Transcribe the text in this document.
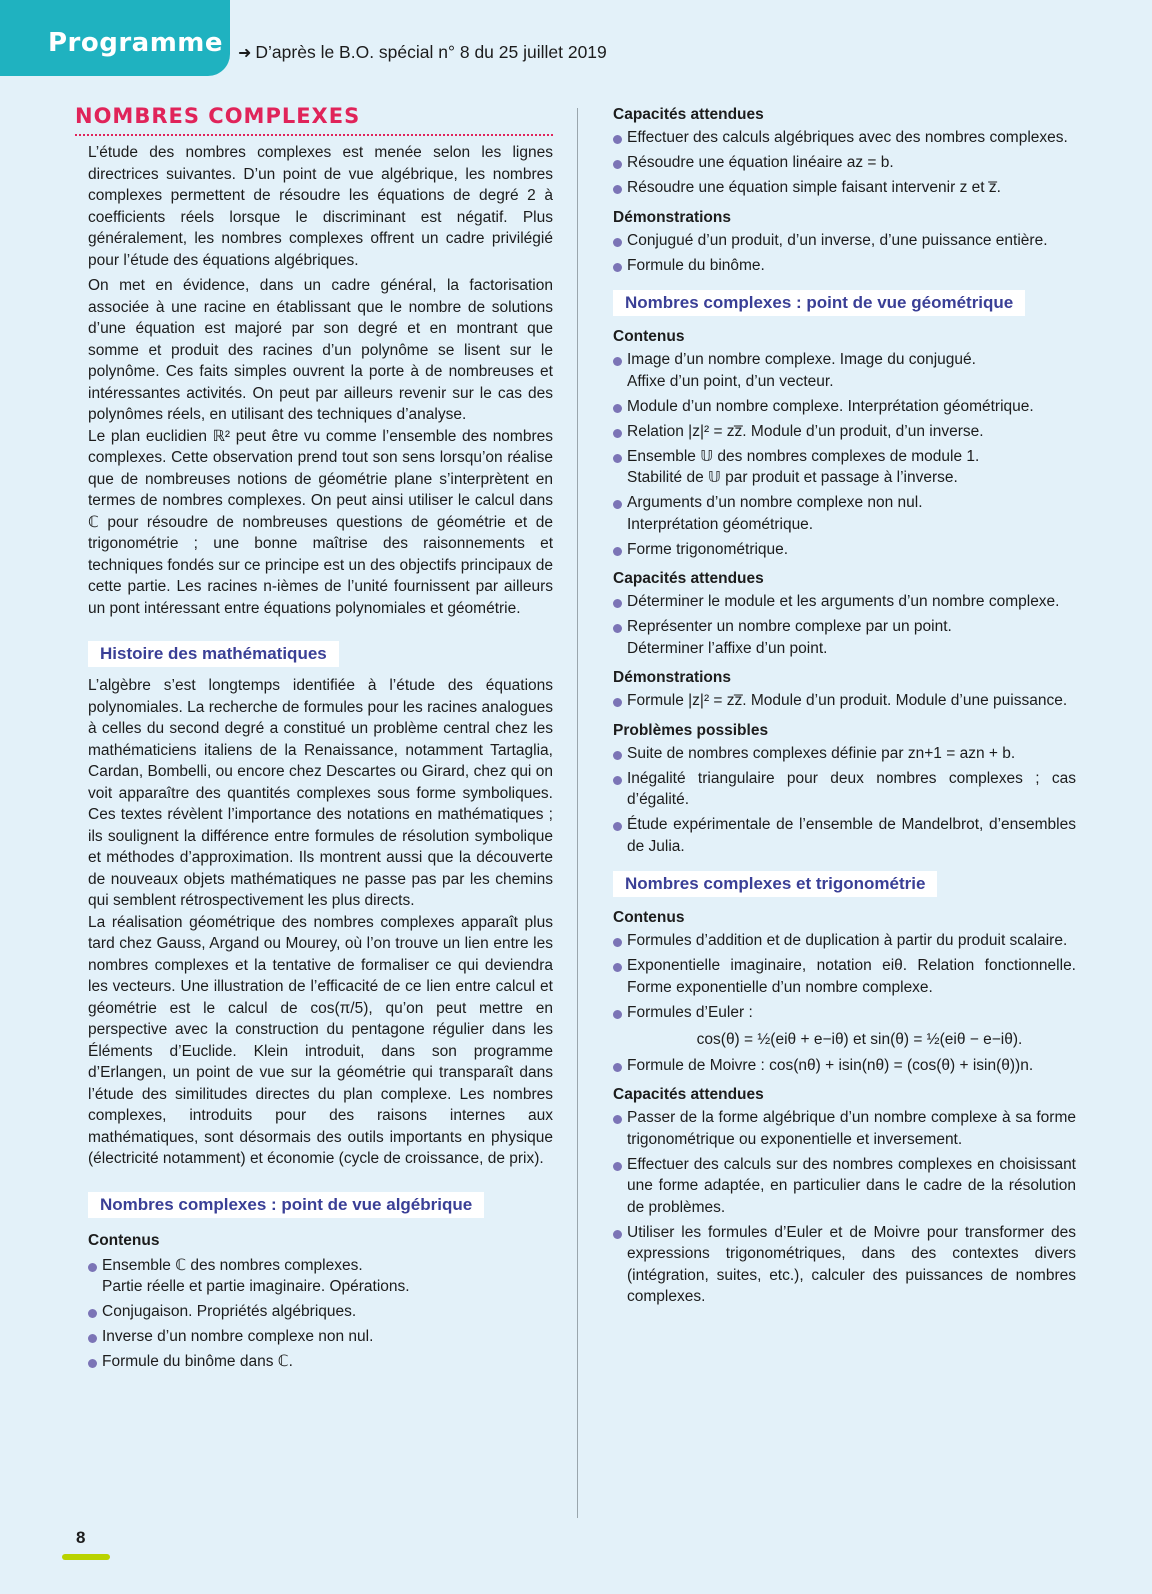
Programme ➜ D’après le B.O. spécial n° 8 du 25 juillet 2019
NOMBRES COMPLEXES

L’étude des nombres complexes est menée selon les lignes directrices suivantes. D’un point de vue algébrique, les nombres complexes permettent de résoudre les équations de degré 2 à coefficients réels lorsque le discriminant est négatif. Plus généralement, les nombres complexes offrent un cadre privilégié pour l’étude des équations algébriques.

On met en évidence, dans un cadre général, la factorisation associée à une racine en établissant que le nombre de solutions d’une équation est majoré par son degré et en montrant que somme et produit des racines d’un polynôme se lisent sur le polynôme. Ces faits simples ouvrent la porte à de nombreuses et intéressantes activités. On peut par ailleurs revenir sur le cas des polynômes réels, en utilisant des techniques d’analyse.

Le plan euclidien ℝ² peut être vu comme l’ensemble des nombres complexes. Cette observation prend tout son sens lorsqu’on réalise que de nombreuses notions de géométrie plane s’interprètent en termes de nombres complexes. On peut ainsi utiliser le calcul dans ℂ pour résoudre de nombreuses questions de géométrie et de trigonométrie ; une bonne maîtrise des raisonnements et techniques fondés sur ce principe est un des objectifs principaux de cette partie. Les racines n-ièmes de l’unité fournissent par ailleurs un pont intéressant entre équations polynomiales et géométrie.

Histoire des mathématiques

L’algèbre s’est longtemps identifiée à l’étude des équations polynomiales. La recherche de formules pour les racines analogues à celles du second degré a constitué un problème central chez les mathématiciens italiens de la Renaissance, notamment Tartaglia, Cardan, Bombelli, ou encore chez Descartes ou Girard, chez qui on voit apparaître des quantités complexes sous forme symboliques. Ces textes révèlent l’importance des notations en mathématiques ; ils soulignent la différence entre formules de résolution symbolique et méthodes d’approximation. Ils montrent aussi que la découverte de nouveaux objets mathématiques ne passe pas par les chemins qui semblent rétrospectivement les plus directs.

La réalisation géométrique des nombres complexes apparaît plus tard chez Gauss, Argand ou Mourey, où l’on trouve un lien entre les nombres complexes et la tentative de formaliser ce qui deviendra les vecteurs. Une illustration de l’efficacité de ce lien entre calcul et géométrie est le calcul de cos(π/5), qu’on peut mettre en perspective avec la construction du pentagone régulier dans les Éléments d’Euclide. Klein introduit, dans son programme d’Erlangen, un point de vue sur la géométrie qui transparaît dans l’étude des similitudes directes du plan complexe. Les nombres complexes, introduits pour des raisons internes aux mathématiques, sont désormais des outils importants en physique (électricité notamment) et économie (cycle de croissance, de prix).

Nombres complexes : point de vue algébrique

Contenus

Ensemble ℂ des nombres complexes.
Partie réelle et partie imaginaire. Opérations.
Conjugaison. Propriétés algébriques.
Inverse d’un nombre complexe non nul.
Formule du binôme dans ℂ.

Capacités attendues

Effectuer des calculs algébriques avec des nombres complexes.
Résoudre une équation linéaire az = b.
Résoudre une équation simple faisant intervenir z et z̅.

Démonstrations

Conjugué d’un produit, d’un inverse, d’une puissance entière.
Formule du binôme.
Nombres complexes : point de vue géométrique

Contenus

Image d’un nombre complexe. Image du conjugué.
Affixe d’un point, d’un vecteur.
Module d’un nombre complexe. Interprétation géométrique.
Relation |z|² = zz̅. Module d’un produit, d’un inverse.
Ensemble 𝕌 des nombres complexes de module 1.
Stabilité de 𝕌 par produit et passage à l’inverse.
Arguments d’un nombre complexe non nul.
Interprétation géométrique.
Forme trigonométrique.

Capacités attendues

Déterminer le module et les arguments d’un nombre complexe.
Représenter un nombre complexe par un point.
Déterminer l’affixe d’un point.

Démonstrations

Formule |z|² = zz̅. Module d’un produit. Module d’une puissance.

Problèmes possibles

Suite de nombres complexes définie par zn+1 = azn + b.
Inégalité triangulaire pour deux nombres complexes ; cas d’égalité.
Étude expérimentale de l’ensemble de Mandelbrot, d’ensembles de Julia.
Nombres complexes et trigonométrie

Contenus

Formules d’addition et de duplication à partir du produit scalaire.
Exponentielle imaginaire, notation eiθ. Relation fonctionnelle. Forme exponentielle d’un nombre complexe.
Formules d’Euler :
cos(θ) = ½(eiθ + e−iθ) et sin(θ) = ½(eiθ − e−iθ).
Formule de Moivre : cos(nθ) + isin(nθ) = (cos(θ) + isin(θ))n.

Capacités attendues

Passer de la forme algébrique d’un nombre complexe à sa forme trigonométrique ou exponentielle et inversement.
Effectuer des calculs sur des nombres complexes en choisissant une forme adaptée, en particulier dans le cadre de la résolution de problèmes.
Utiliser les formules d’Euler et de Moivre pour transformer des expressions trigonométriques, dans des contextes divers (intégration, suites, etc.), calculer des puissances de nombres complexes.
8
